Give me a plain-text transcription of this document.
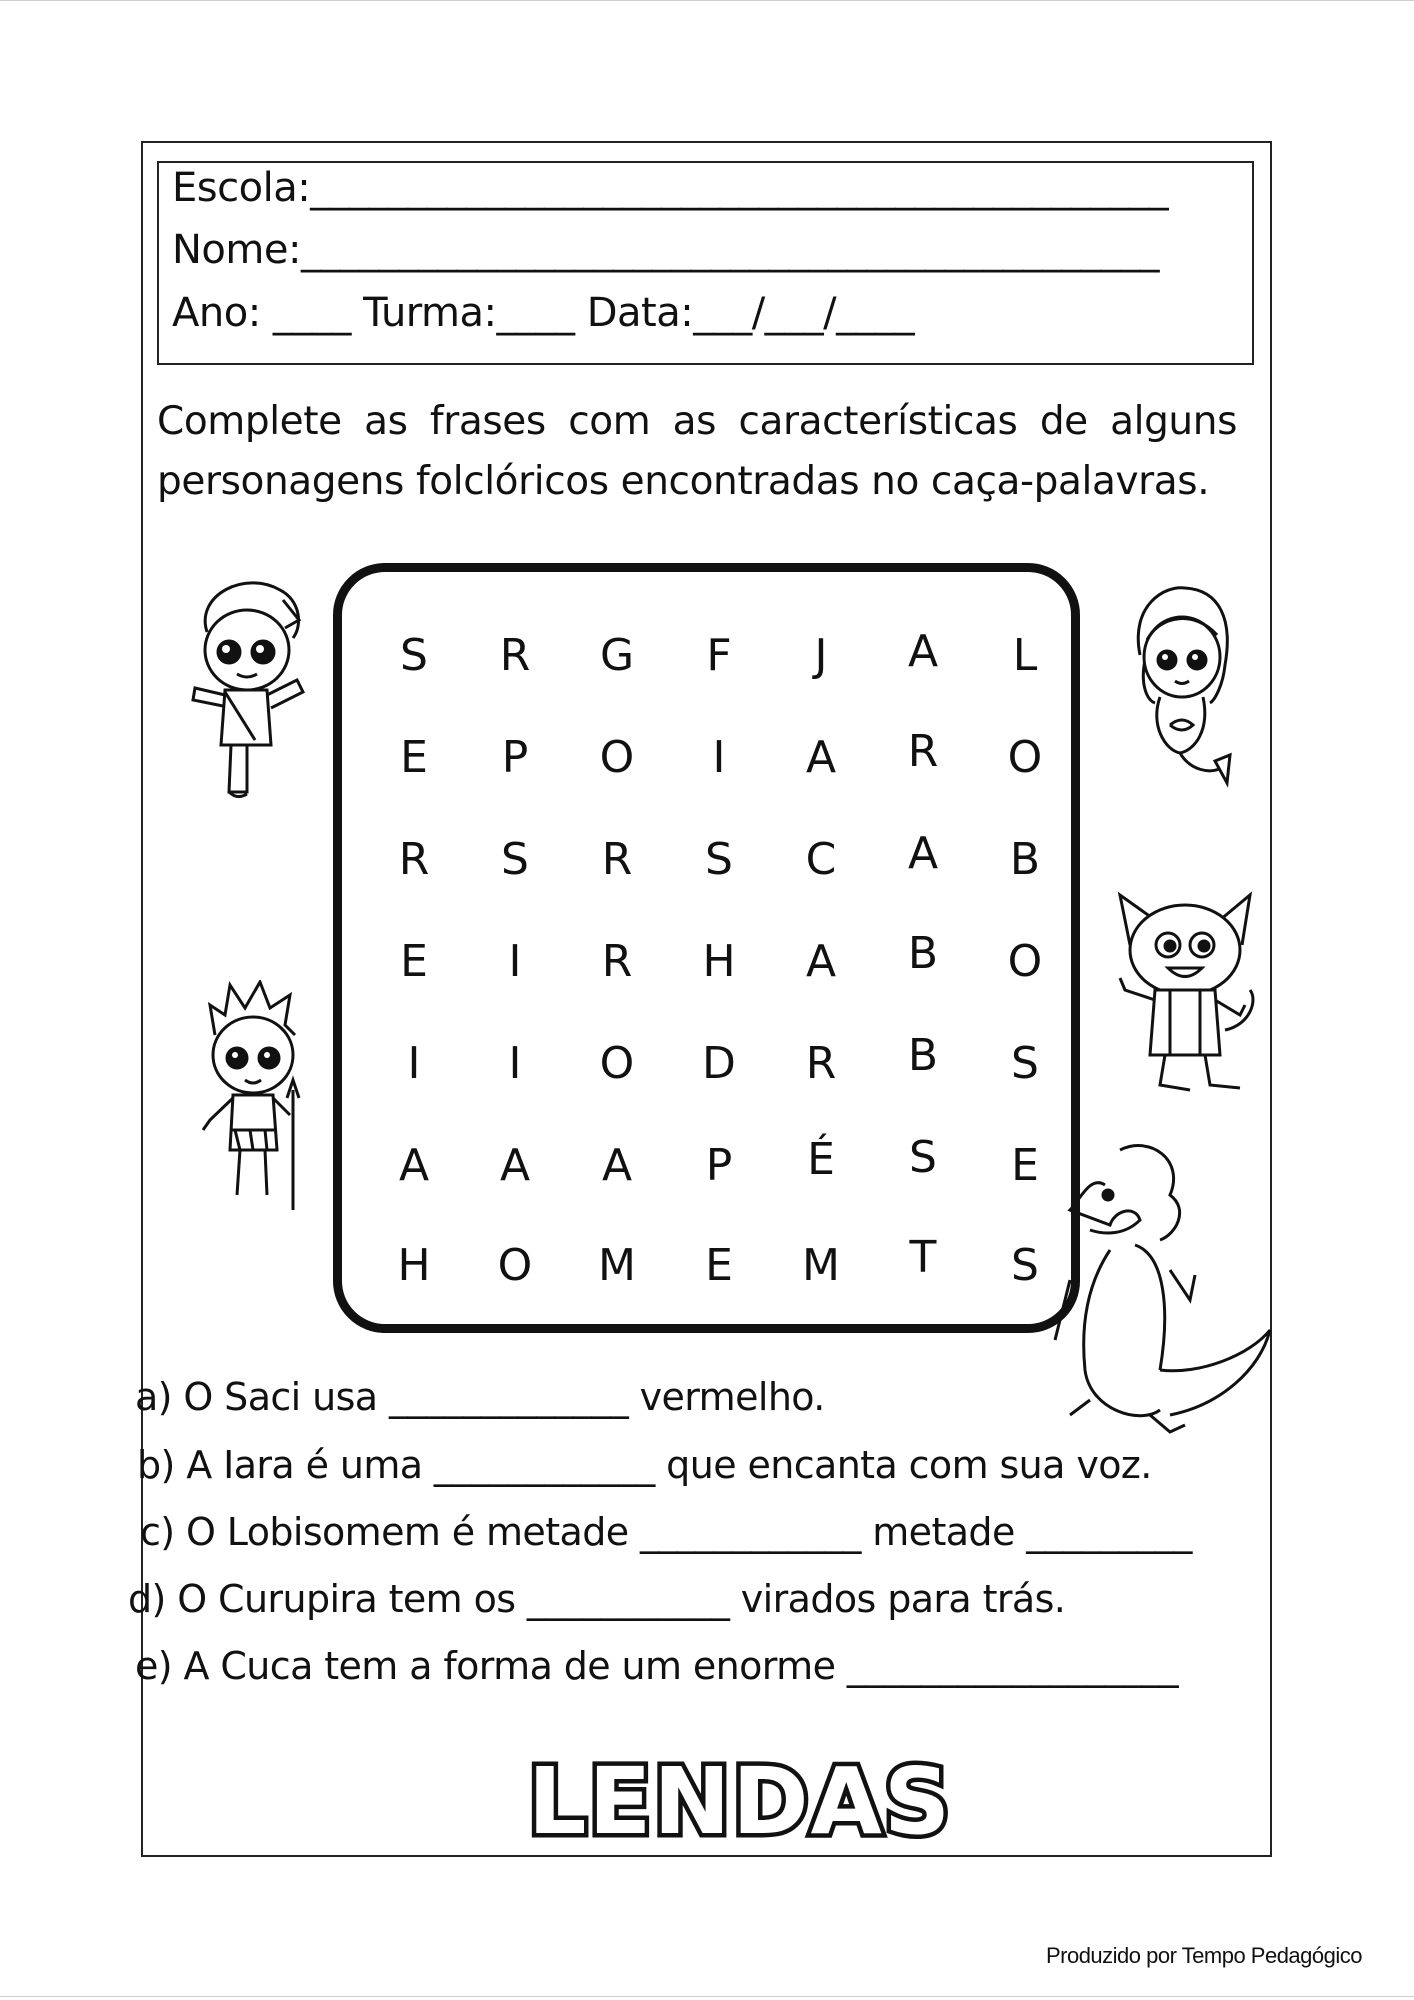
Escola:____________________________________________
Nome:____________________________________________
Ano: ____ Turma:____ Data:___/___/____
Complete as frases com as características de alguns personagens folclóricos encontradas no caça-palavras.
S	R	G	F	J	A	L
E	P	O	I	A	R	O
R	S	R	S	C	A	B
E	I	R	H	A	B	O
I	I	O	D	R	B	S
A	A	A	P	É	S	E
H	O	M	E	M	T	S
a) O Saci usa _____________ vermelho.
b) A Iara é uma ____________ que encanta com sua voz.
c) O Lobisomem é metade ____________ metade _________
d) O Curupira tem os ___________ virados para trás.
e) A Cuca tem a forma de um enorme __________________
LENDAS
Produzido por Tempo Pedagógico
